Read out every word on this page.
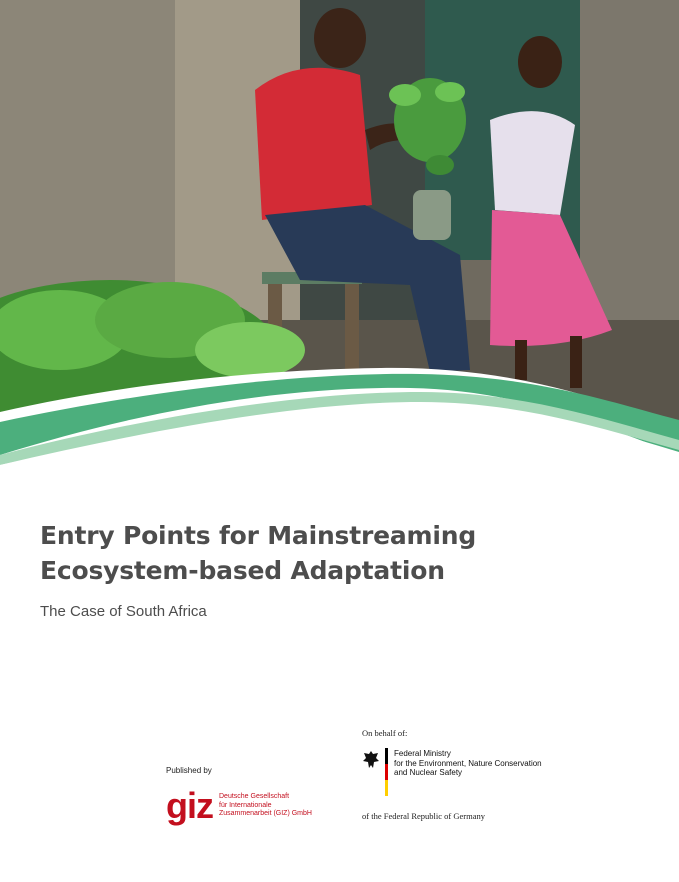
Entry Points for Mainstreaming
Ecosystem-based Adaptation
The Case of South Africa
Published by
giz Deutsche Gesellschaft
für Internationale
Zusammenarbeit (GIZ) GmbH
On behalf of:
Federal Ministry
for the Environment, Nature Conservation
and Nuclear Safety
of the Federal Republic of Germany
